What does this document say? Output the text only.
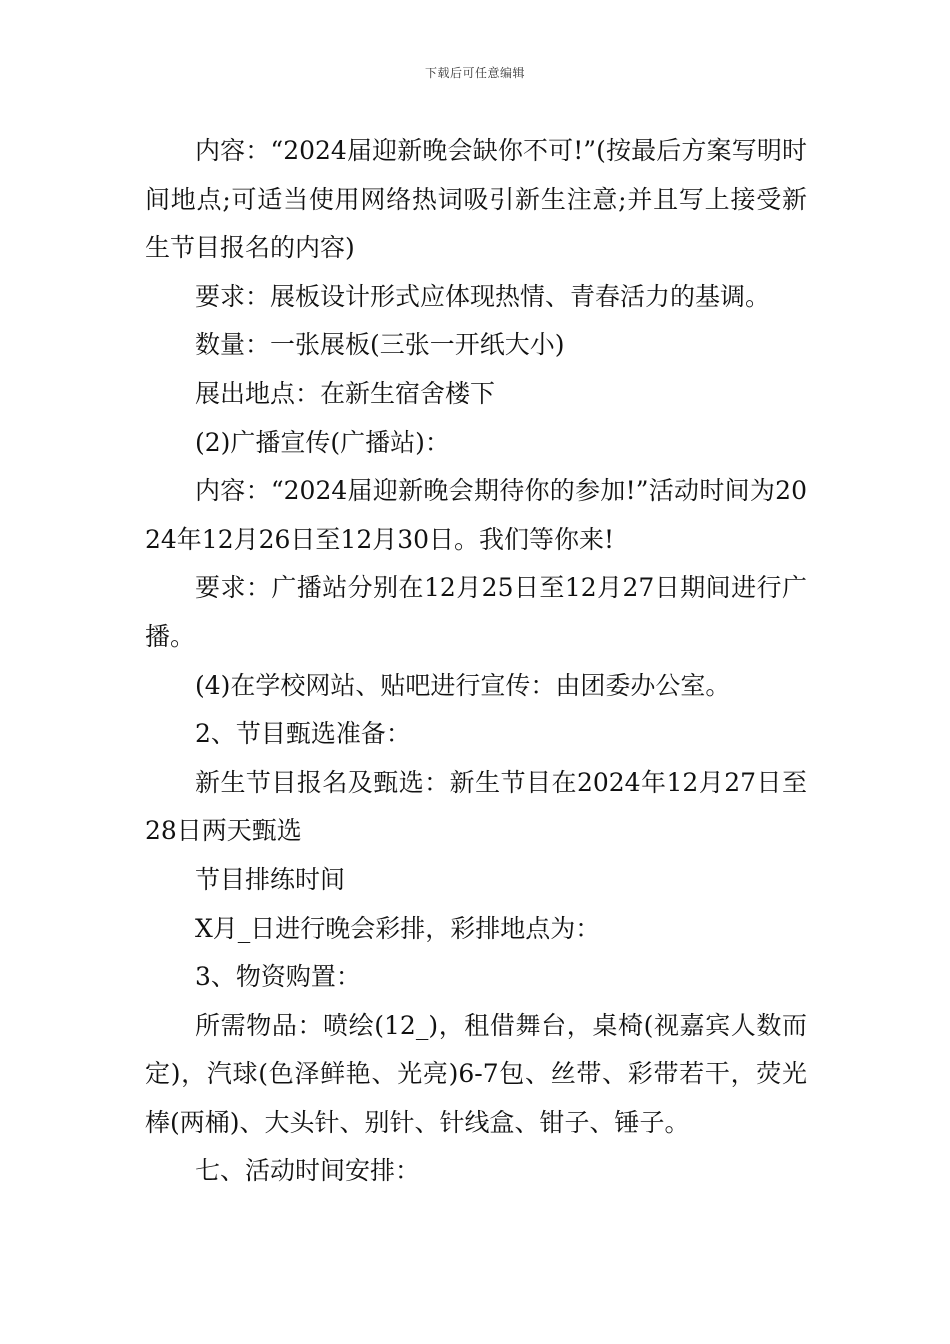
下载后可任意编辑

内容：“2024届迎新晚会缺你不可!”(按最后方案写明时间地点;可适当使用网络热词吸引新生注意;并且写上接受新生节目报名的内容)

要求：展板设计形式应体现热情、青春活力的基调。

数量：一张展板(三张一开纸大小)

展出地点：在新生宿舍楼下

(2)广播宣传(广播站)：

内容：“2024届迎新晚会期待你的参加!”活动时间为2024年12月26日至12月30日。我们等你来!

要求：广播站分别在12月25日至12月27日期间进行广播。

(4)在学校网站、贴吧进行宣传：由团委办公室。

2、节目甄选准备：

新生节目报名及甄选：新生节目在2024年12月27日至28日两天甄选

节目排练时间

X月_日进行晚会彩排，彩排地点为：

3、物资购置：

所需物品：喷绘(12_)，租借舞台，桌椅(视嘉宾人数而定)，汽球(色泽鲜艳、光亮)6-7包、丝带、彩带若干，荧光棒(两桶)、大头针、别针、针线盒、钳子、锤子。

七、活动时间安排：
